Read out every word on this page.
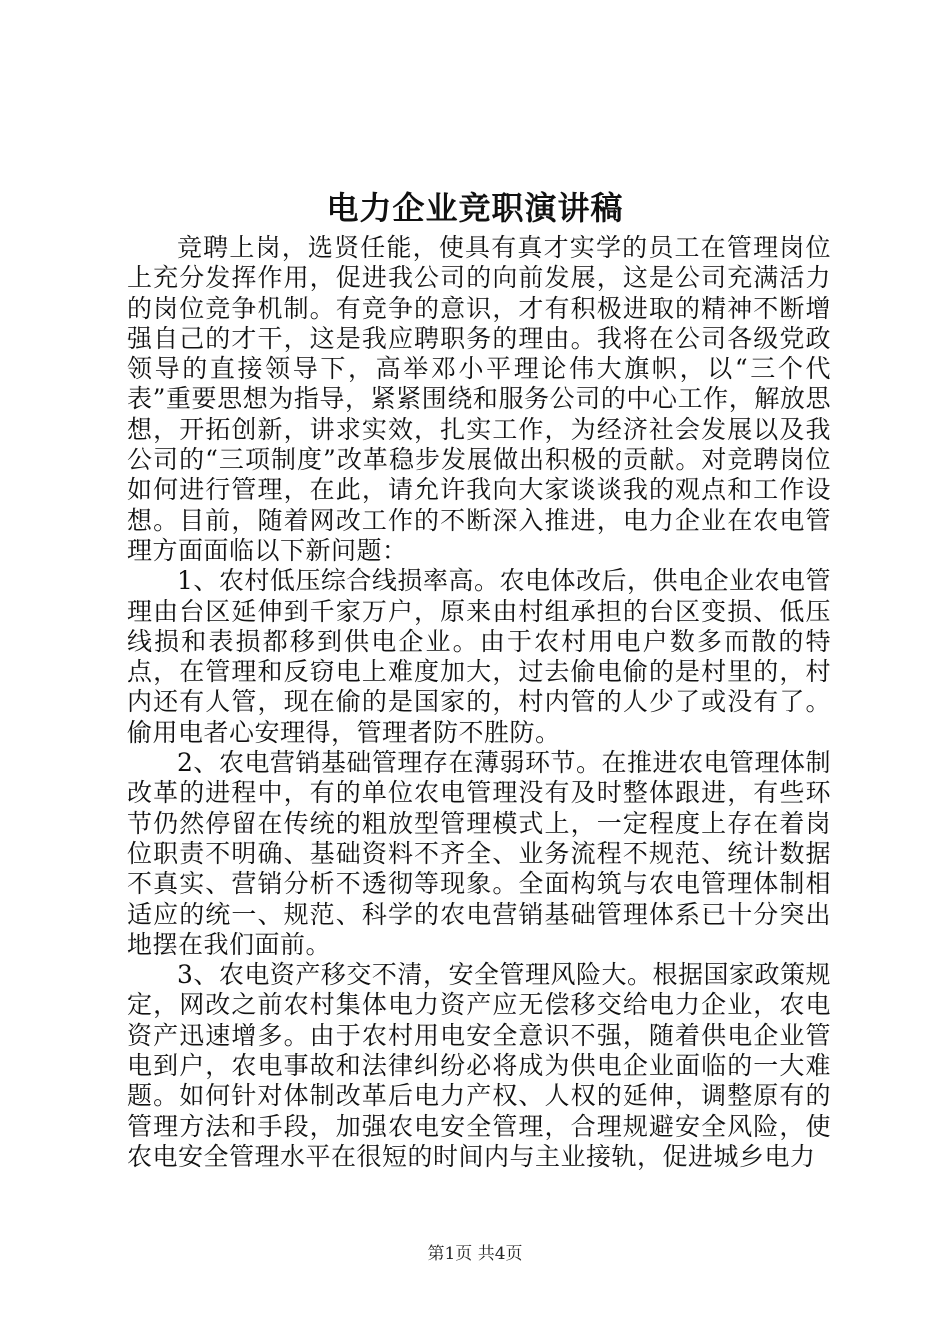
电力企业竞职演讲稿

竞聘上岗，选贤任能，使具有真才实学的员工在管理岗位上充分发挥作用，促进我公司的向前发展，这是公司充满活力的岗位竞争机制。有竞争的意识，才有积极进取的精神不断增强自己的才干，这是我应聘职务的理由。我将在公司各级党政领导的直接领导下，高举邓小平理论伟大旗帜，以“三个代表”重要思想为指导，紧紧围绕和服务公司的中心工作，解放思想，开拓创新，讲求实效，扎实工作，为经济社会发展以及我公司的“三项制度”改革稳步发展做出积极的贡献。对竞聘岗位如何进行管理，在此，请允许我向大家谈谈我的观点和工作设想。目前，随着网改工作的不断深入推进，电力企业在农电管理方面面临以下新问题：

1、农村低压综合线损率高。农电体改后，供电企业农电管理由台区延伸到千家万户，原来由村组承担的台区变损、低压线损和表损都移到供电企业。由于农村用电户数多而散的特点，在管理和反窃电上难度加大，过去偷电偷的是村里的，村内还有人管，现在偷的是国家的，村内管的人少了或没有了。偷用电者心安理得，管理者防不胜防。

2、农电营销基础管理存在薄弱环节。在推进农电管理体制改革的进程中，有的单位农电管理没有及时整体跟进，有些环节仍然停留在传统的粗放型管理模式上，一定程度上存在着岗位职责不明确、基础资料不齐全、业务流程不规范、统计数据不真实、营销分析不透彻等现象。全面构筑与农电管理体制相适应的统一、规范、科学的农电营销基础管理体系已十分突出地摆在我们面前。

3、农电资产移交不清，安全管理风险大。根据国家政策规定，网改之前农村集体电力资产应无偿移交给电力企业，农电资产迅速增多。由于农村用电安全意识不强，随着供电企业管电到户，农电事故和法律纠纷必将成为供电企业面临的一大难题。如何针对体制改革后电力产权、人权的延伸，调整原有的管理方法和手段，加强农电安全管理，合理规避安全风险，使农电安全管理水平在很短的时间内与主业接轨，促进城乡电力

第1页 共4页
